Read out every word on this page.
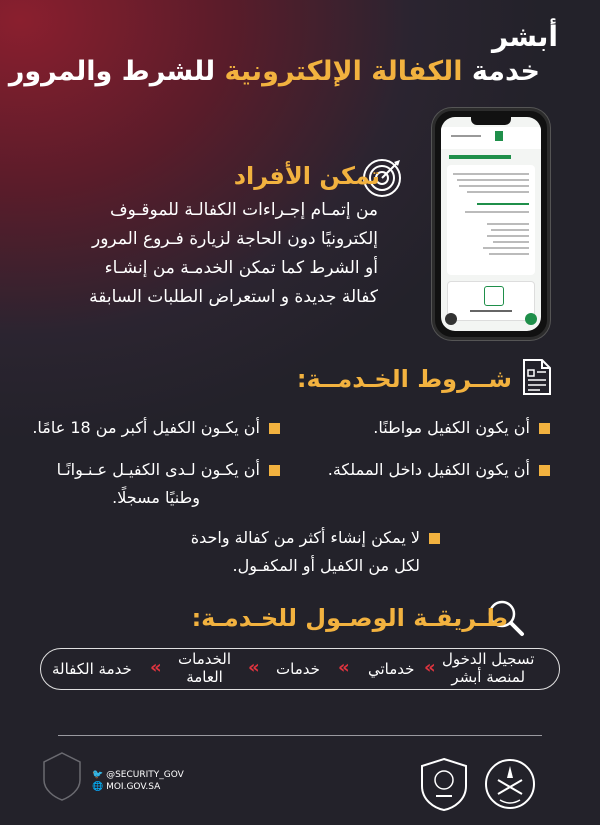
أبشر
خدمة الكفالة الإلكترونية للشرط والمرور
تمكن الأفراد
من إتمـام إجـراءات الكفالـة للموقـوف
إلكترونيًا دون الحاجة لزيارة فـروع المرور
أو الشرط كما تمكن الخدمـة من إنشـاء
كفالة جديدة و استعراض الطلبات السابقة
شــروط الخـدمــة:
أن يكون الكفيل مواطنًا.
أن يكـون الكفيل أكبر من 18 عامًا.
أن يكون الكفيل داخل المملكة.
أن يكـون لـدى الكفيـل عـنـوانًـا
وطنيًا مسجلًا.
لا يمكن إنشاء أكثر من كفالة واحدة
لكل من الكفيل أو المكفـول.
طـريقـة الوصـول للخـدمـة:
تسجيل الدخول
لمنصة أبشر
«
خدماتي
«
خدمات
«
الخدمات
العامة
«
خدمة الكفالة
🐦 @SECURITY_GOV
🌐 MOI.GOV.SA
